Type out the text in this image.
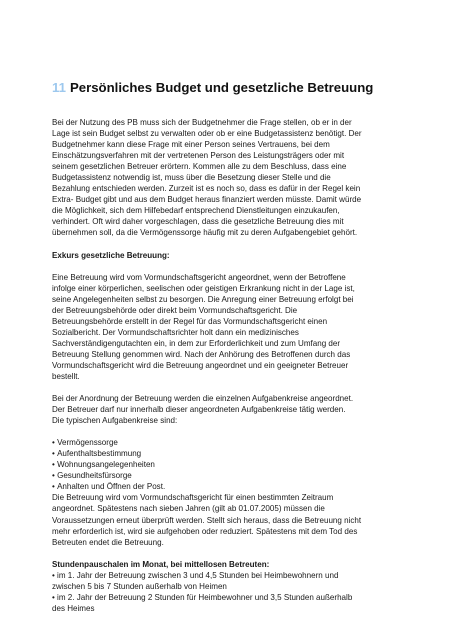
11 Persönliches Budget und gesetzliche Betreuung
Bei der Nutzung des PB muss sich der Budgetnehmer die Frage stellen, ob er in der
Lage ist sein Budget selbst zu verwalten oder ob er eine Budgetassistenz benötigt. Der
Budgetnehmer kann diese Frage mit einer Person seines Vertrauens, bei dem
Einschätzungsverfahren mit der vertretenen Person des Leistungsträgers oder mit
seinem gesetzlichen Betreuer erörtern. Kommen alle zu dem Beschluss, dass eine
Budgetassistenz notwendig ist, muss über die Besetzung dieser Stelle und die
Bezahlung entschieden werden. Zurzeit ist es noch so, dass es dafür in der Regel kein
Extra- Budget gibt und aus dem Budget heraus finanziert werden müsste. Damit würde
die Möglichkeit, sich dem Hilfebedarf entsprechend Dienstleitungen einzukaufen,
verhindert. Oft wird daher vorgeschlagen, dass die gesetzliche Betreuung dies mit
übernehmen soll, da die Vermögenssorge häufig mit zu deren Aufgabengebiet gehört.
Exkurs gesetzliche Betreuung:
Eine Betreuung wird vom Vormundschaftsgericht angeordnet, wenn der Betroffene
infolge einer körperlichen, seelischen oder geistigen Erkrankung nicht in der Lage ist,
seine Angelegenheiten selbst zu besorgen. Die Anregung einer Betreuung erfolgt bei
der Betreuungsbehörde oder direkt beim Vormundschaftsgericht. Die
Betreuungsbehörde erstellt in der Regel für das Vormundschaftsgericht einen
Sozialbericht. Der Vormundschaftsrichter holt dann ein medizinisches
Sachverständigengutachten ein, in dem zur Erforderlichkeit und zum Umfang der
Betreuung Stellung genommen wird. Nach der Anhörung des Betroffenen durch das
Vormundschaftsgericht wird die Betreuung angeordnet und ein geeigneter Betreuer
bestellt.
Bei der Anordnung der Betreuung werden die einzelnen Aufgabenkreise angeordnet.
Der Betreuer darf nur innerhalb dieser angeordneten Aufgabenkreise tätig werden.
Die typischen Aufgabenkreise sind:
• Vermögenssorge
• Aufenthaltsbestimmung
• Wohnungsangelegenheiten
• Gesundheitsfürsorge
• Anhalten und Öffnen der Post.
Die Betreuung wird vom Vormundschaftsgericht für einen bestimmten Zeitraum
angeordnet. Spätestens nach sieben Jahren (gilt ab 01.07.2005) müssen die
Voraussetzungen erneut überprüft werden. Stellt sich heraus, dass die Betreuung nicht
mehr erforderlich ist, wird sie aufgehoben oder reduziert. Spätestens mit dem Tod des
Betreuten endet die Betreuung.
Stundenpauschalen im Monat, bei mittellosen Betreuten:
• im 1. Jahr der Betreuung zwischen 3 und 4,5 Stunden bei Heimbewohnern und
zwischen 5 bis 7 Stunden außerhalb von Heimen
• im 2. Jahr der Betreuung 2 Stunden für Heimbewohner und 3,5 Stunden außerhalb
des Heimes
